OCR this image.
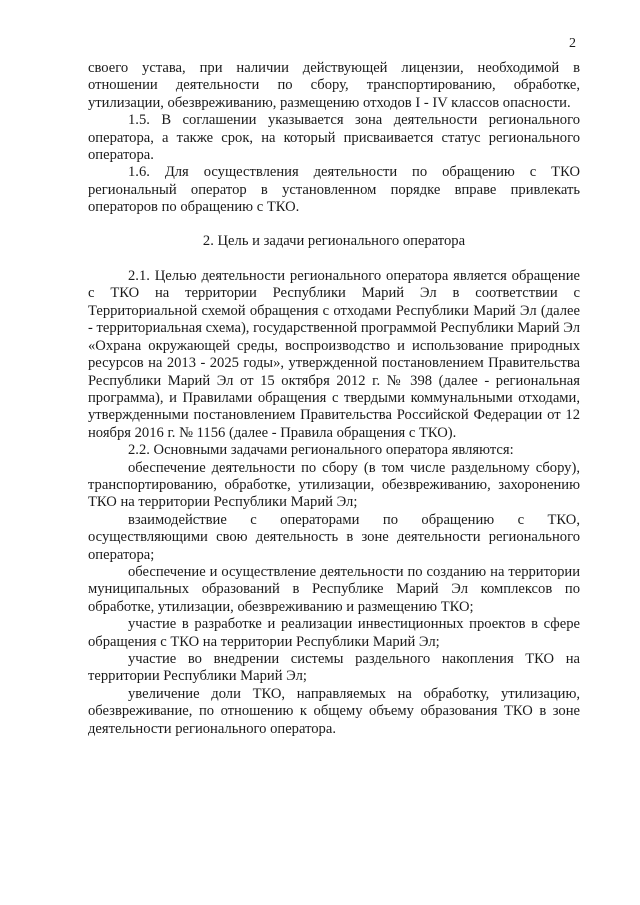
2

своего устава, при наличии действующей лицензии, необходимой в отношении деятельности по сбору, транспортированию, обработке, утилизации, обезвреживанию, размещению отходов I - IV классов опасности.

1.5. В соглашении указывается зона деятельности регионального оператора, а также срок, на который присваивается статус регионального оператора.

1.6. Для осуществления деятельности по обращению с ТКО региональный оператор в установленном порядке вправе привлекать операторов по обращению с ТКО.

2. Цель и задачи регионального оператора

2.1. Целью деятельности регионального оператора является обращение с ТКО на территории Республики Марий Эл в соответствии с Территориальной схемой обращения с отходами Республики Марий Эл (далее - территориальная схема), государственной программой Республики Марий Эл «Охрана окружающей среды, воспроизводство и использование природных ресурсов на 2013 - 2025 годы», утвержденной постановлением Правительства Республики Марий Эл от 15 октября 2012 г. № 398 (далее - региональная программа), и Правилами обращения с твердыми коммунальными отходами, утвержденными постановлением Правительства Российской Федерации от 12 ноября 2016 г. № 1156 (далее - Правила обращения с ТКО).

2.2. Основными задачами регионального оператора являются:

обеспечение деятельности по сбору (в том числе раздельному сбору), транспортированию, обработке, утилизации, обезвреживанию, захоронению ТКО на территории Республики Марий Эл;

взаимодействие с операторами по обращению с ТКО, осуществляющими свою деятельность в зоне деятельности регионального оператора;

обеспечение и осуществление деятельности по созданию на территории муниципальных образований в Республике Марий Эл комплексов по обработке, утилизации, обезвреживанию и размещению ТКО;

участие в разработке и реализации инвестиционных проектов в сфере обращения с ТКО на территории Республики Марий Эл;

участие во внедрении системы раздельного накопления ТКО на территории Республики Марий Эл;

увеличение доли ТКО, направляемых на обработку, утилизацию, обезвреживание, по отношению к общему объему образования ТКО в зоне деятельности регионального оператора.
